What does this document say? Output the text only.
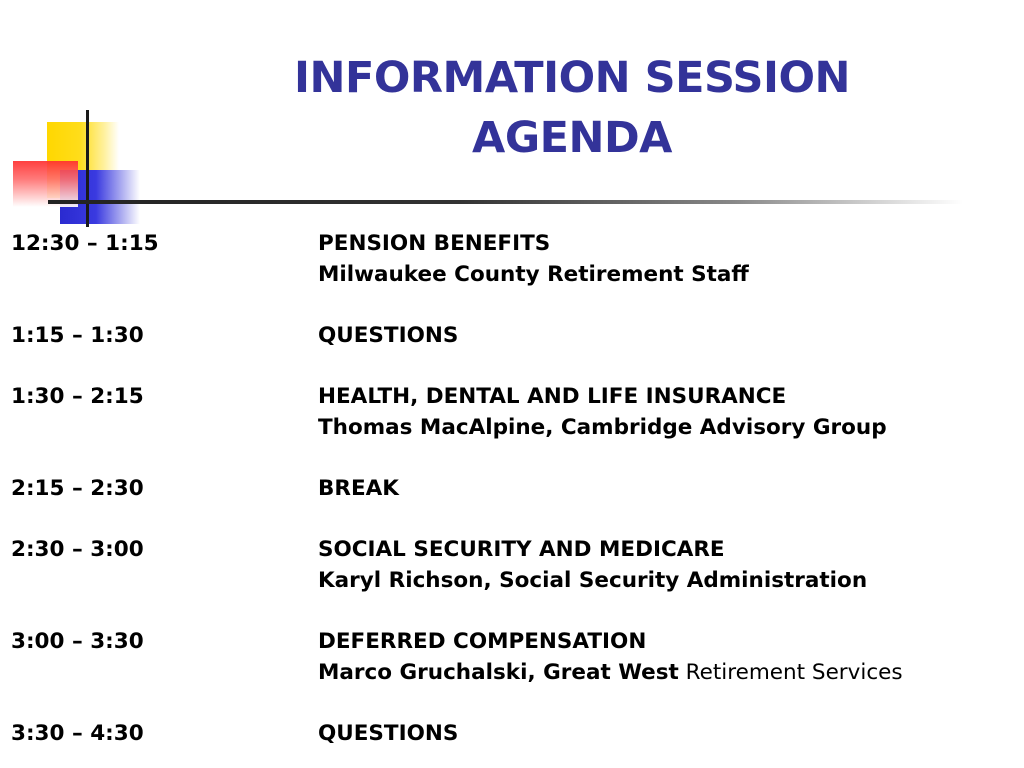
INFORMATION SESSION
AGENDA
12:30 – 1:15	PENSION BENEFITS
Milwaukee County Retirement Staff
1:15 – 1:30	QUESTIONS
1:30 – 2:15	HEALTH, DENTAL AND LIFE INSURANCE
Thomas MacAlpine, Cambridge Advisory Group
2:15 – 2:30	BREAK
2:30 – 3:00	SOCIAL SECURITY AND MEDICARE
Karyl Richson, Social Security Administration
3:00 – 3:30	DEFERRED COMPENSATION
Marco Gruchalski, Great West Retirement Services
3:30 – 4:30	QUESTIONS
